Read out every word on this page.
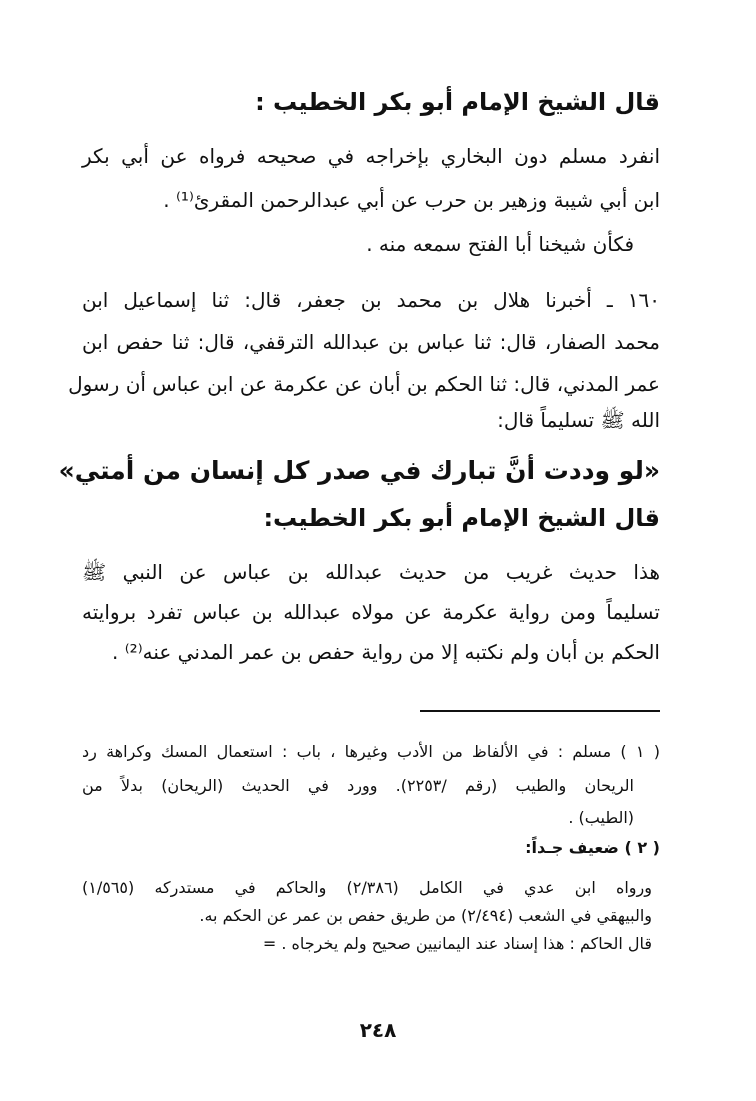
قال الشيخ الإمام أبو بكر الخطيب :
انفرد مسلم دون البخاري بإخراجه في صحيحه فرواه عن أبي بكر
ابن أبي شيبة وزهير بن حرب عن أبي عبدالرحمن المقرئ⁽¹⁾ .
فكأن شيخنا أبا الفتح سمعه منه .
١٦٠ ـ أخبرنا هلال بن محمد بن جعفر، قال: ثنا إسماعيل ابن
محمد الصفار، قال: ثنا عباس بن عبدالله الترقفي، قال: ثنا حفص ابن
عمر المدني، قال: ثنا الحكم بن أبان عن عكرمة عن ابن عباس أن رسول
الله ﷺ تسليماً قال:
«لو وددت أنَّ تبارك في صدر كل إنسان من أمتي»
قال الشيخ الإمام أبو بكر الخطيب:
هذا حديث غريب من حديث عبدالله بن عباس عن النبي ﷺ
تسليماً ومن رواية عكرمة عن مولاه عبدالله بن عباس تفرد بروايته
الحكم بن أبان ولم نكتبه إلا من رواية حفص بن عمر المدني عنه⁽²⁾ .
( ١ ) مسلم : في الألفاظ من الأدب وغيرها ، باب : استعمال المسك وكراهة رد
الريحان والطيب (رقم /٢٢٥٣). وورد في الحديث (الريحان) بدلاً من
(الطيب) .
( ٢ ) ضعيف جـداً:
ورواه ابن عدي في الكامل (٢/٣٨٦) والحاكم في مستدركه (١/٥٦٥)
والبيهقي في الشعب (٢/٤٩٤) من طريق حفص بن عمر عن الحكم به.
قال الحاكم : هذا إسناد عند اليمانيين صحيح ولم يخرجاه . =
٢٤٨
